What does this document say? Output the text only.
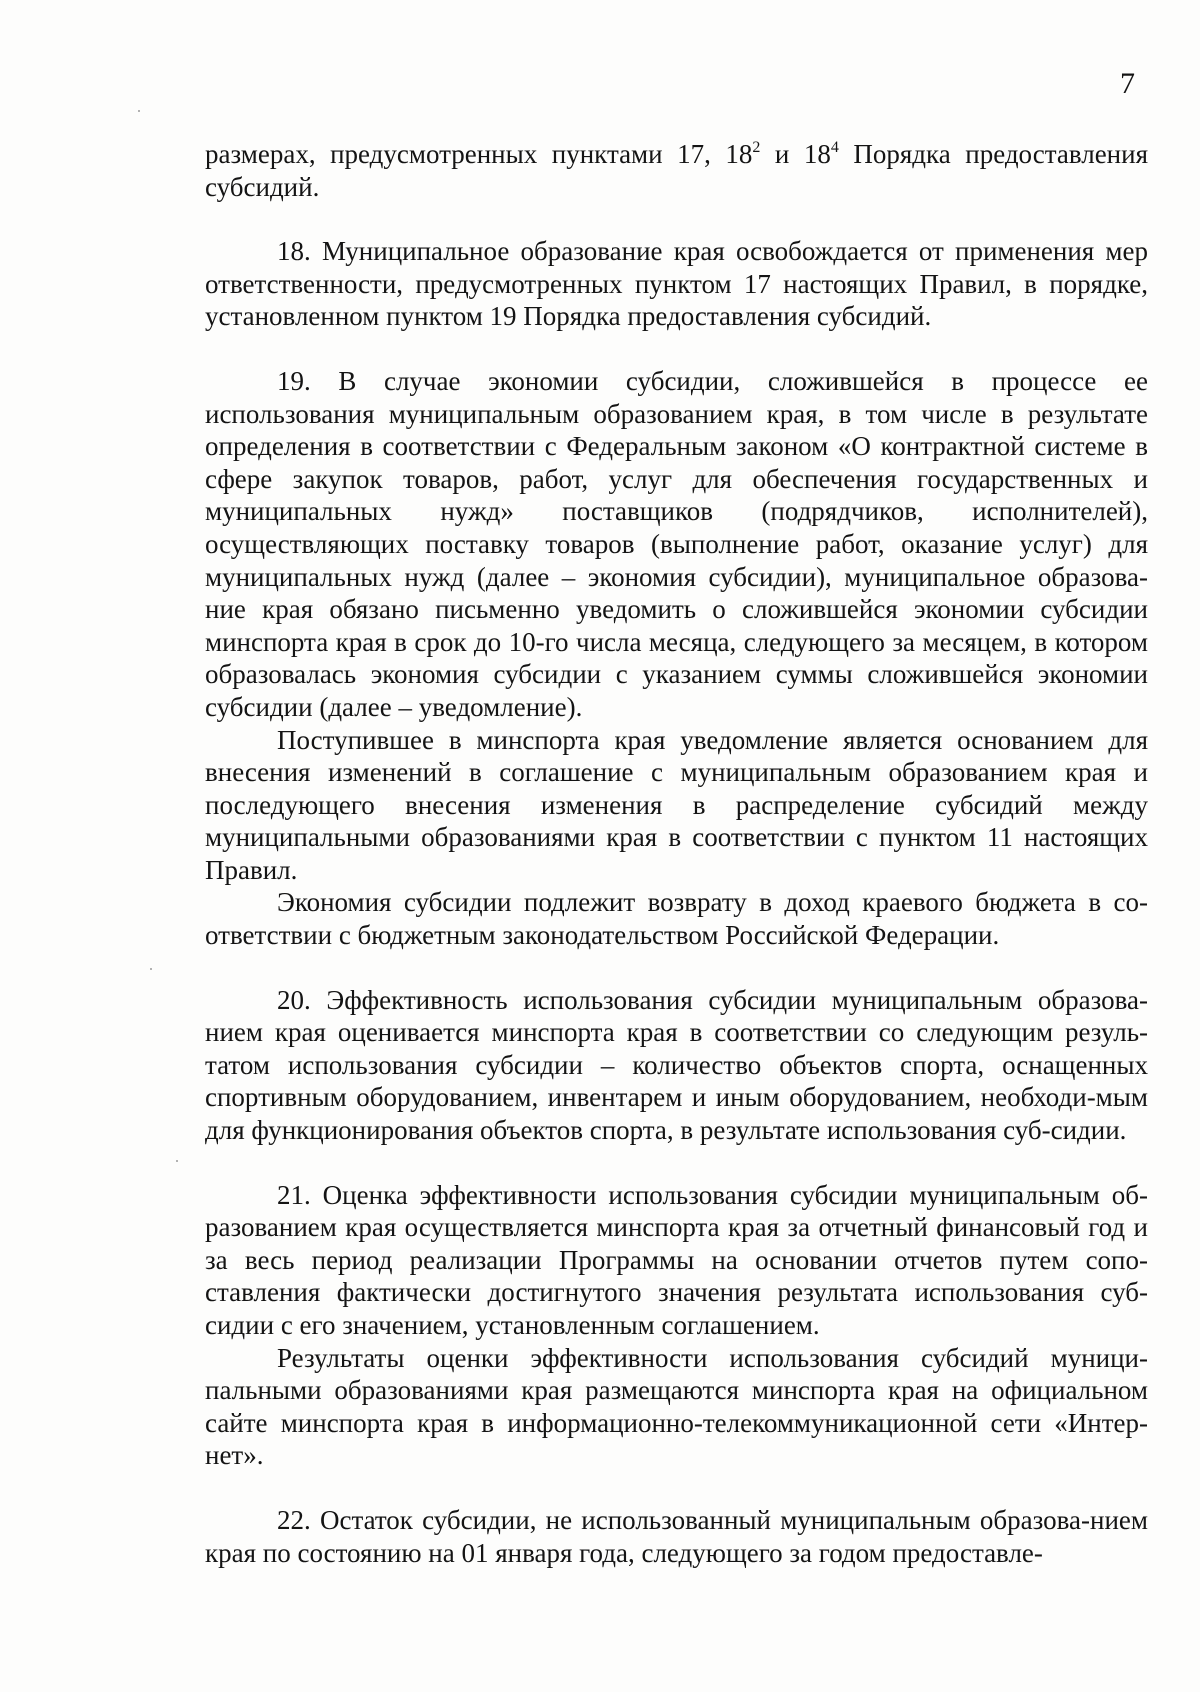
7

размерах, предусмотренных пунктами 17, $18^2$ и $18^4$ Порядка предоставления субсидий.

18. Муниципальное образование края освобождается от применения мер ответственности, предусмотренных пунктом 17 настоящих Правил, в порядке, установленном пунктом 19 Порядка предоставления субсидий.

19. В случае экономии субсидии, сложившейся в процессе ее использования муниципальным образованием края, в том числе в результате определения в соответствии с Федеральным законом «О контрактной системе в сфере закупок товаров, работ, услуг для обеспечения государственных и муниципальных нужд» поставщиков (подрядчиков, исполнителей), осуществляющих поставку товаров (выполнение работ, оказание услуг) для муниципальных нужд (далее – экономия субсидии), муниципальное образова-ние края обязано письменно уведомить о сложившейся экономии субсидии минспорта края в срок до 10-го числа месяца, следующего за месяцем, в котором образовалась экономия субсидии с указанием суммы сложившейся экономии субсидии (далее – уведомление).

Поступившее в минспорта края уведомление является основанием для внесения изменений в соглашение с муниципальным образованием края и последующего внесения изменения в распределение субсидий между муниципальными образованиями края в соответствии с пунктом 11 настоящих Правил.

Экономия субсидии подлежит возврату в доход краевого бюджета в со-ответствии с бюджетным законодательством Российской Федерации.

20. Эффективность использования субсидии муниципальным образова-нием края оценивается минспорта края в соответствии со следующим резуль-татом использования субсидии – количество объектов спорта, оснащенных спортивным оборудованием, инвентарем и иным оборудованием, необходи-мым для функционирования объектов спорта, в результате использования суб-сидии.

21. Оценка эффективности использования субсидии муниципальным об-разованием края осуществляется минспорта края за отчетный финансовый год и за весь период реализации Программы на основании отчетов путем сопо-ставления фактически достигнутого значения результата использования суб-сидии с его значением, установленным соглашением.

Результаты оценки эффективности использования субсидий муници-пальными образованиями края размещаются минспорта края на официальном сайте минспорта края в информационно-телекоммуникационной сети «Интер-нет».

22. Остаток субсидии, не использованный муниципальным образова-нием края по состоянию на 01 января года, следующего за годом предоставле-
